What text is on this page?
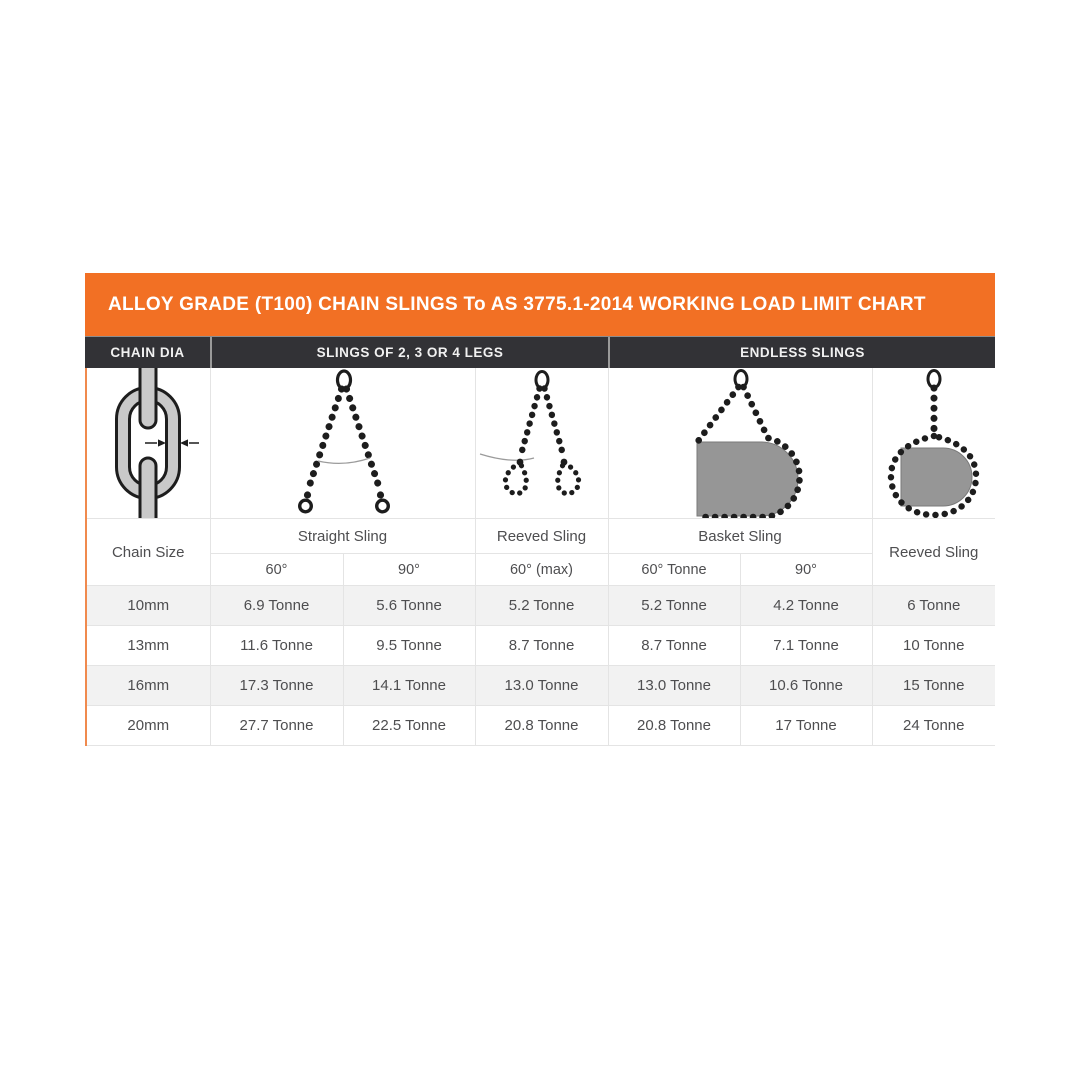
ALLOY GRADE (T100) CHAIN SLINGS To AS 3775.1-2014 WORKING LOAD LIMIT CHART
CHAIN DIA	SLINGS OF 2, 3 OR 4 LEGS	ENDLESS SLINGS

Chain Size	Straight Sling		Reeved Sling	Basket Sling		Reeved Sling
	60°	90°	60° (max)	60° Tonne	90°	
10mm	6.9 Tonne	5.6 Tonne	5.2 Tonne	5.2 Tonne	4.2 Tonne	6 Tonne
13mm	11.6 Tonne	9.5 Tonne	8.7 Tonne	8.7 Tonne	7.1 Tonne	10 Tonne
16mm	17.3 Tonne	14.1 Tonne	13.0 Tonne	13.0 Tonne	10.6 Tonne	15 Tonne
20mm	27.7 Tonne	22.5 Tonne	20.8 Tonne	20.8 Tonne	17 Tonne	24 Tonne
